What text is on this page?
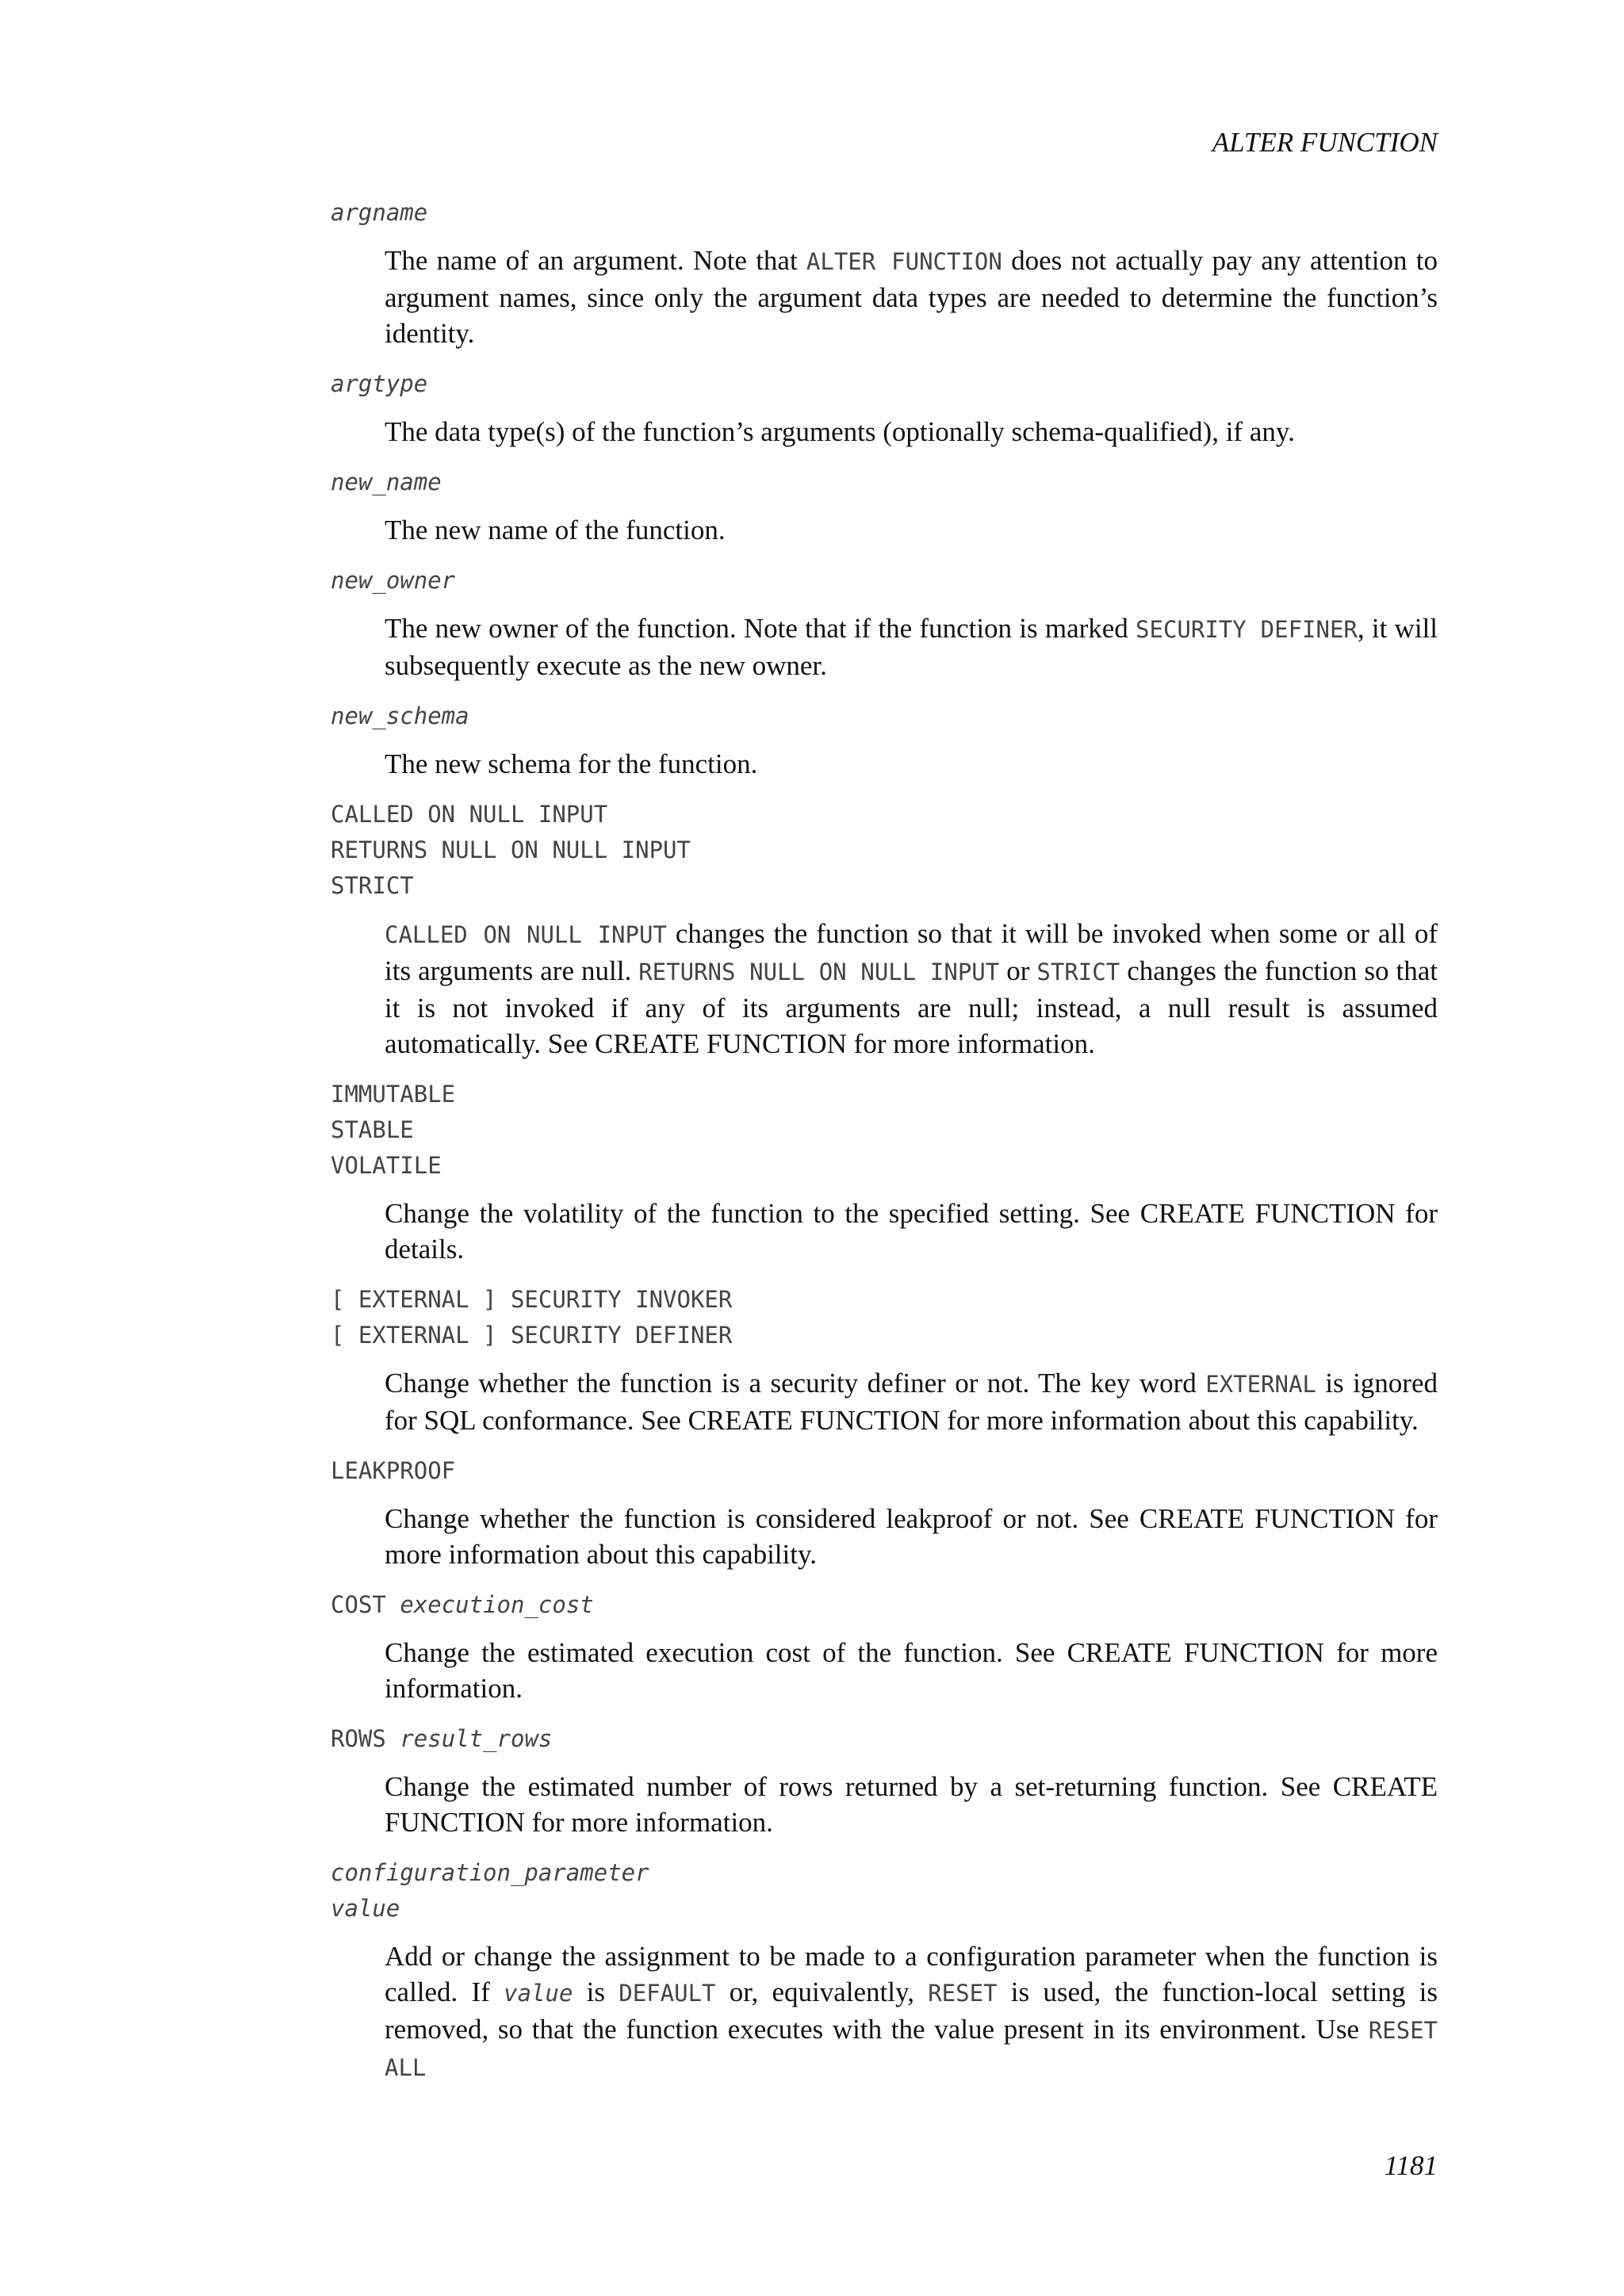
ALTER FUNCTION

argname

The name of an argument. Note that ALTER FUNCTION does not actually pay any attention to argument names, since only the argument data types are needed to determine the function’s identity.

argtype

The data type(s) of the function’s arguments (optionally schema-qualified), if any.

new_name

The new name of the function.

new_owner

The new owner of the function. Note that if the function is marked SECURITY DEFINER, it will subsequently execute as the new owner.

new_schema

The new schema for the function.

CALLED ON NULL INPUT

RETURNS NULL ON NULL INPUT

STRICT

CALLED ON NULL INPUT changes the function so that it will be invoked when some or all of its arguments are null. RETURNS NULL ON NULL INPUT or STRICT changes the function so that it is not invoked if any of its arguments are null; instead, a null result is assumed automatically. See CREATE FUNCTION for more information.

IMMUTABLE

STABLE

VOLATILE

Change the volatility of the function to the specified setting. See CREATE FUNCTION for details.

[ EXTERNAL ] SECURITY INVOKER

[ EXTERNAL ] SECURITY DEFINER

Change whether the function is a security definer or not. The key word EXTERNAL is ignored for SQL conformance. See CREATE FUNCTION for more information about this capability.

LEAKPROOF

Change whether the function is considered leakproof or not. See CREATE FUNCTION for more information about this capability.

COST execution_cost

Change the estimated execution cost of the function. See CREATE FUNCTION for more information.

ROWS result_rows

Change the estimated number of rows returned by a set-returning function. See CREATE FUNCTION for more information.

configuration_parameter

value

Add or change the assignment to be made to a configuration parameter when the function is called. If value is DEFAULT or, equivalently, RESET is used, the function-local setting is removed, so that the function executes with the value present in its environment. Use RESET ALL

1181
